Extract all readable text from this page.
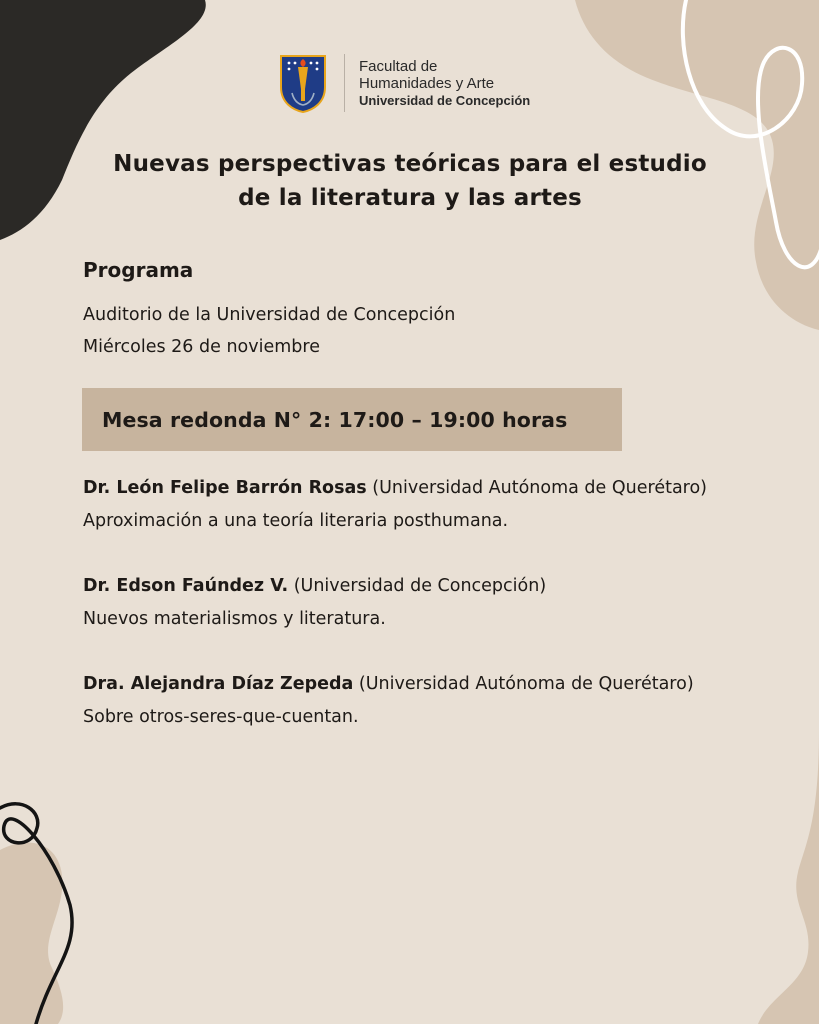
Facultad de
Humanidades y Arte
Universidad de Concepción
Nuevas perspectivas teóricas para el estudio
de la literatura y las artes
Programa
Auditorio de la Universidad de Concepción
Miércoles 26 de noviembre
Mesa redonda N° 2: 17:00 – 19:00 horas
Dr. León Felipe Barrón Rosas (Universidad Autónoma de Querétaro)
Aproximación a una teoría literaria posthumana.
Dr. Edson Faúndez V. (Universidad de Concepción)
Nuevos materialismos y literatura.
Dra. Alejandra Díaz Zepeda (Universidad Autónoma de Querétaro)
Sobre otros-seres-que-cuentan.
